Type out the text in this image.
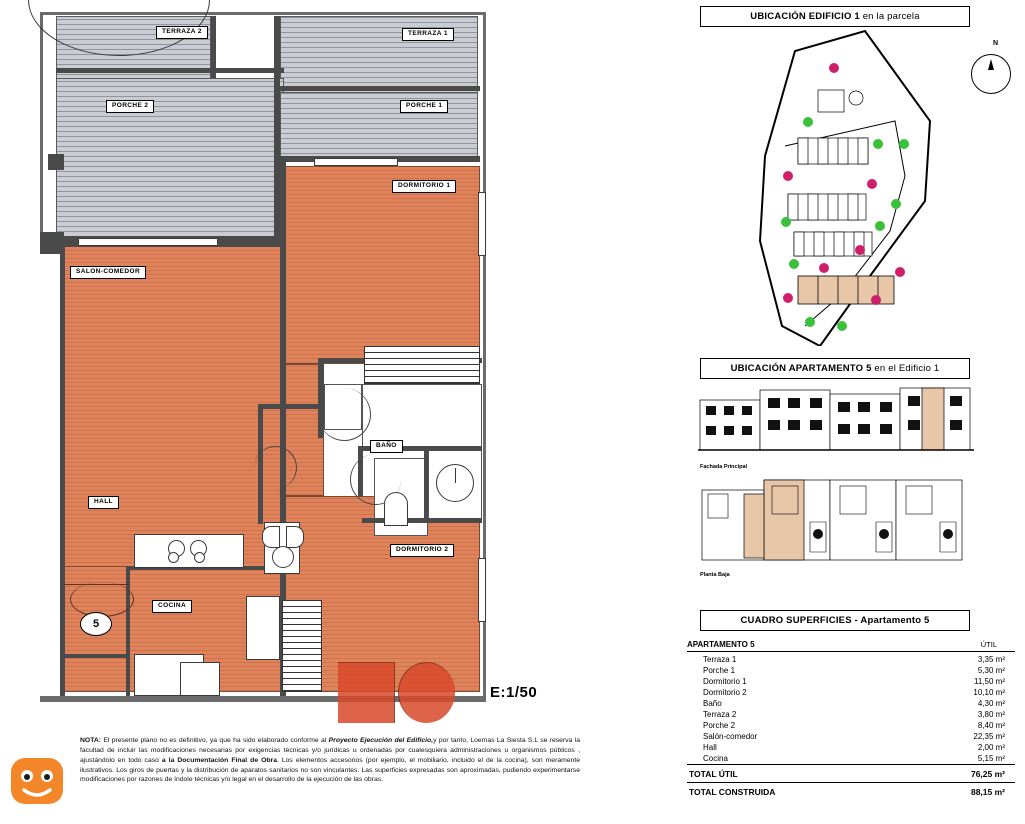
TERRAZA 2	TERRAZA 1
PORCHE 2	PORCHE 1
DORMITORIO 1
SALON-COMEDOR
BAÑO
HALL
DORMITORIO 2
COCINA
5
E:1/50
UBICACIÓN EDIFICIO 1 en la parcela
N
UBICACIÓN APARTAMENTO 5 en el Edificio 1
Fachada Principal
Planta Baja
CUADRO SUPERFICIES - Apartamento 5
APARTAMENTO 5	ÚTIL
Terraza 1	3,35 m²
Porche 1	5,30 m²
Dormitorio 1	11,50 m²
Dormitorio 2	10,10 m²
Baño	4,30 m²
Terraza 2	3,80 m²
Porche 2	8,40 m²
Salón-comedor	22,35 m²
Hall	2,00 m²
Cocina	5,15 m²
TOTAL ÚTIL	76,25 m²
TOTAL CONSTRUIDA	88,15 m²
NOTA: El presente plano no es definitivo, ya que ha sido elaborado conforme al Proyecto Ejecución del Edificio,y por tanto, Loemas La Siesta S.L se reserva la facultad de incluir las modificaciones necesarias por exigencias técnicas y/o jurídicas u ordenadas por cualesquiera administraciones u organismos públicos , ajustándolo en todo caso a la Documentación Final de Obra. Los elementos accesorios (por ejemplo, el mobiliario, incluido el de la cocina), son meramente ilustrativos. Los giros de puertas y la distribución de aparatos sanitarios no son vinculantes. Las superficies expresadas son aproximadas, pudiendo experimentarse modificaciones por razones de índole técnicas y/o legal en el desarrollo de la ejecución de las obras.
